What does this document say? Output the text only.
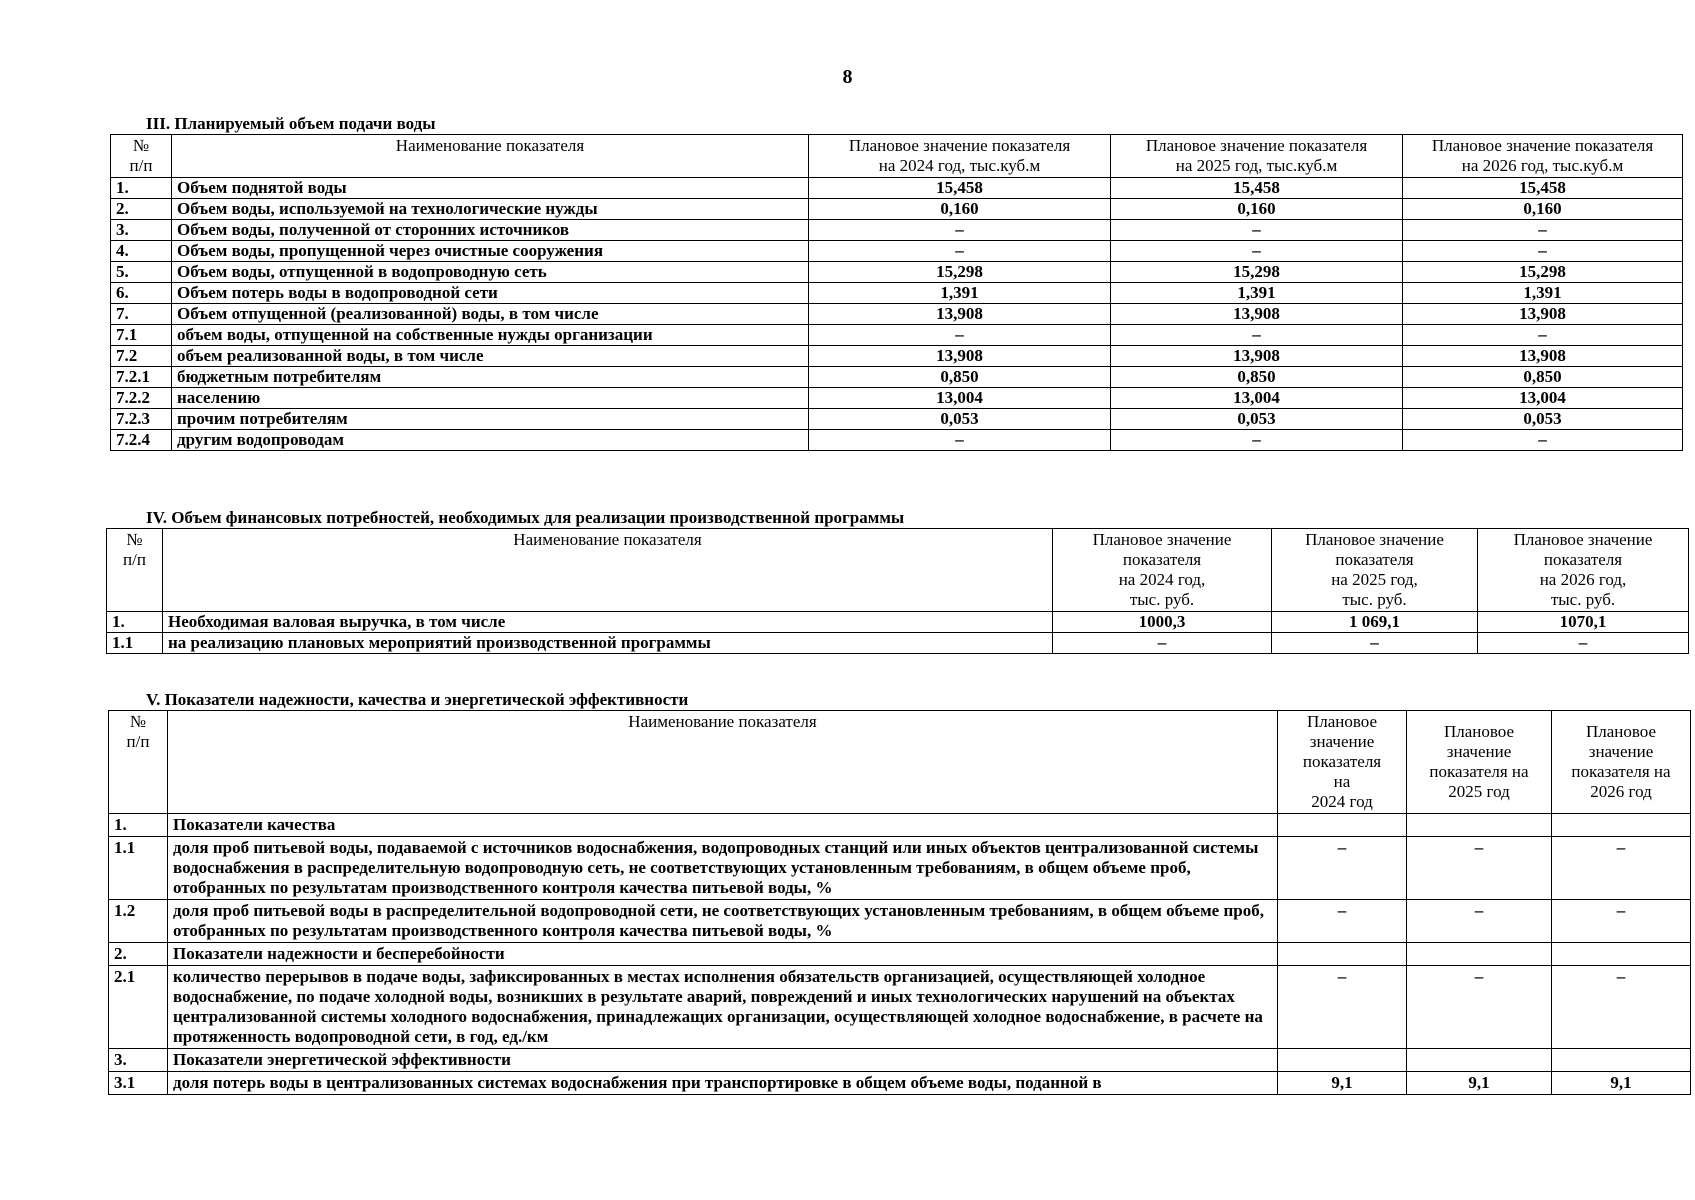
8
III. Планируемый объем подачи воды
№
п/п	Наименование показателя	Плановое значение показателя
на 2024 год, тыс.куб.м	Плановое значение показателя
на 2025 год, тыс.куб.м	Плановое значение показателя
на 2026 год, тыс.куб.м
1.	Объем поднятой воды	15,458	15,458	15,458
2.	Объем воды, используемой на технологические нужды	0,160	0,160	0,160
3.	Объем воды, полученной от сторонних источников	–	–	–
4.	Объем воды, пропущенной через очистные сооружения	–	–	–
5.	Объем воды, отпущенной в водопроводную сеть	15,298	15,298	15,298
6.	Объем потерь воды в водопроводной сети	1,391	1,391	1,391
7.	Объем отпущенной (реализованной) воды, в том числе	13,908	13,908	13,908
7.1	объем воды, отпущенной на собственные нужды организации	–	–	–
7.2	объем реализованной воды, в том числе	13,908	13,908	13,908
7.2.1	бюджетным потребителям	0,850	0,850	0,850
7.2.2	населению	13,004	13,004	13,004
7.2.3	прочим потребителям	0,053	0,053	0,053
7.2.4	другим водопроводам	–	–	–
IV. Объем финансовых потребностей, необходимых для реализации производственной программы
№
п/п	Наименование показателя	Плановое значение
показателя
на 2024 год,
тыс. руб.	Плановое значение
показателя
на 2025 год,
тыс. руб.	Плановое значение
показателя
на 2026 год,
тыс. руб.
1.	Необходимая валовая выручка, в том числе	1000,3	1 069,1	1070,1
1.1	на реализацию плановых мероприятий производственной программы	–	–	–
V. Показатели надежности, качества и энергетической эффективности
№
п/п	Наименование показателя	Плановое
значение
показателя
на
2024 год	Плановое
значение
показателя на
2025 год	Плановое
значение
показателя на
2026 год
1.	Показатели качества			
1.1	доля проб питьевой воды, подаваемой с источников водоснабжения, водопроводных станций или иных объектов централизованной системы водоснабжения в распределительную водопроводную сеть, не соответствующих установленным требованиям, в общем объеме проб, отобранных по результатам производственного контроля качества питьевой воды, %	–	–	–
1.2	доля проб питьевой воды в распределительной водопроводной сети, не соответствующих установленным требованиям, в общем объеме проб, отобранных по результатам производственного контроля качества питьевой воды, %	–	–	–
2.	Показатели надежности и бесперебойности			
2.1	количество перерывов в подаче воды, зафиксированных в местах исполнения обязательств организацией, осуществляющей холодное водоснабжение, по подаче холодной воды, возникших в результате аварий, повреждений и иных технологических нарушений на объектах централизованной системы холодного водоснабжения, принадлежащих организации, осуществляющей холодное водоснабжение, в расчете на протяженность водопроводной сети, в год, ед./км	–	–	–
3.	Показатели энергетической эффективности			
3.1	доля потерь воды в централизованных системах водоснабжения при транспортировке в общем объеме воды, поданной в	9,1	9,1	9,1
